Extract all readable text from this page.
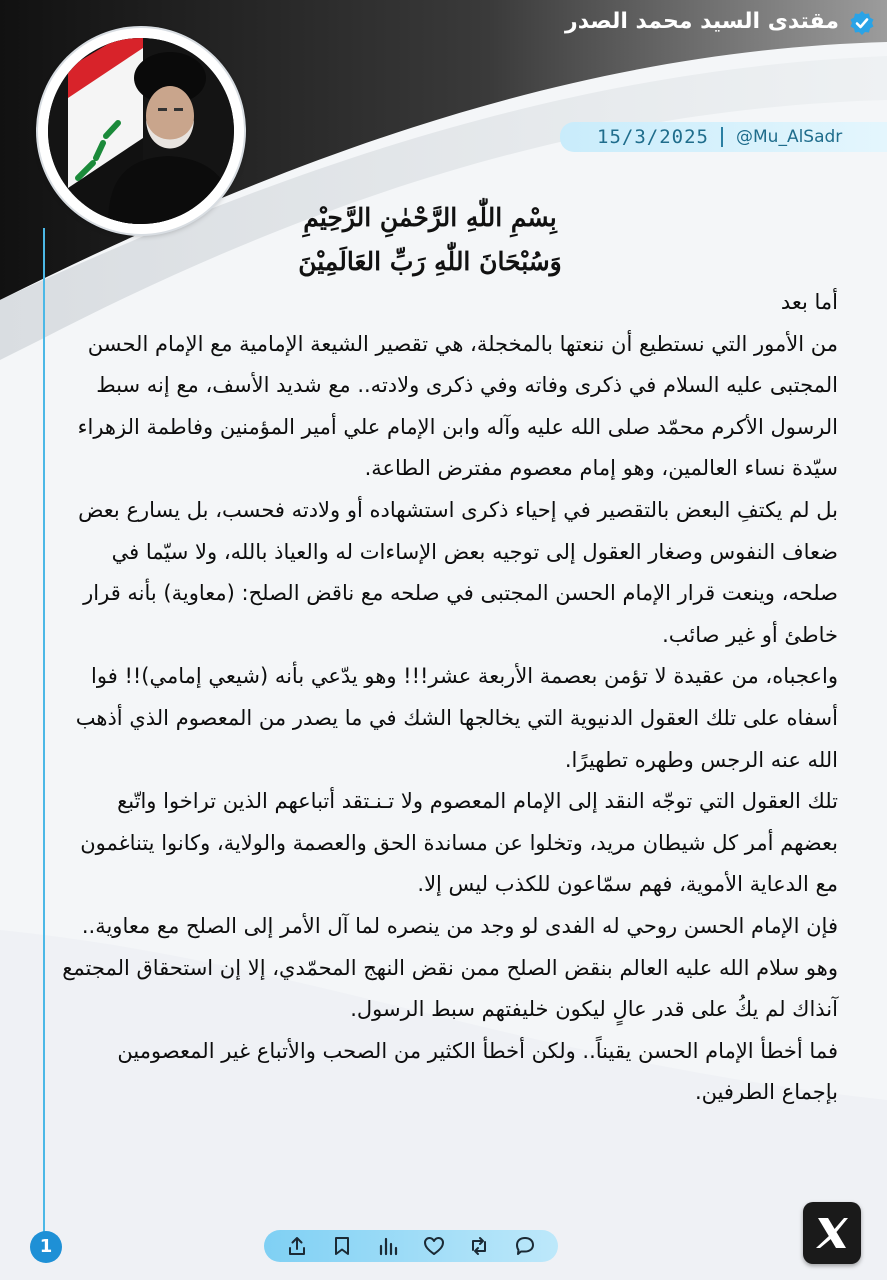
مقتدى السيد محمد الصدر
15/3/2025 @Mu_AlSadr
بِسْمِ اللّٰهِ الرَّحْمٰنِ الرَّحِيْمِ
وَسُبْحَانَ اللّٰهِ رَبِّ العَالَمِيْنَ

أما بعد

من الأمور التي نستطيع أن ننعتها بالمخجلة، هي تقصير الشيعة الإمامية مع الإمام الحسن المجتبى عليه السلام في ذكرى وفاته وفي ذكرى ولادته.. مع شديد الأسف، مع إنه سبط الرسول الأكرم محمّد صلى الله عليه وآله وابن الإمام علي أمير المؤمنين وفاطمة الزهراء سيّدة نساء العالمين، وهو إمام معصوم مفترض الطاعة.

بل لم يكتفِ البعض بالتقصير في إحياء ذكرى استشهاده أو ولادته فحسب، بل يسارع بعض ضعاف النفوس وصغار العقول إلى توجيه بعض الإساءات له والعياذ بالله، ولا سيّما في صلحه، وينعت قرار الإمام الحسن المجتبى في صلحه مع ناقض الصلح: (معاوية) بأنه قرار خاطئ أو غير صائب.

واعجباه، من عقيدة لا تؤمن بعصمة الأربعة عشر!!! وهو يدّعي بأنه (شيعي إمامي)!! فوا أسفاه على تلك العقول الدنيوية التي يخالجها الشك في ما يصدر من المعصوم الذي أذهب الله عنه الرجس وطهره تطهيرًا.

تلك العقول التي توجّه النقد إلى الإمام المعصوم ولا تـنـتقد أتباعهم الذين تراخوا واتّبع بعضهم أمر كل شيطان مريد، وتخلوا عن مساندة الحق والعصمة والولاية، وكانوا يتناغمون مع الدعاية الأموية، فهم سمّاعون للكذب ليس إلا.

فإن الإمام الحسن روحي له الفدى لو وجد من ينصره لما آل الأمر إلى الصلح مع معاوية.. وهو سلام الله عليه العالم بنقض الصلح ممن نقض النهج المحمّدي، إلا إن استحقاق المجتمع آنذاك لم يكُ على قدر عالٍ ليكون خليفتهم سبط الرسول.

فما أخطأ الإمام الحسن يقيناً.. ولكن أخطأ الكثير من الصحب والأتباع غير المعصومين بإجماع الطرفين.

1
